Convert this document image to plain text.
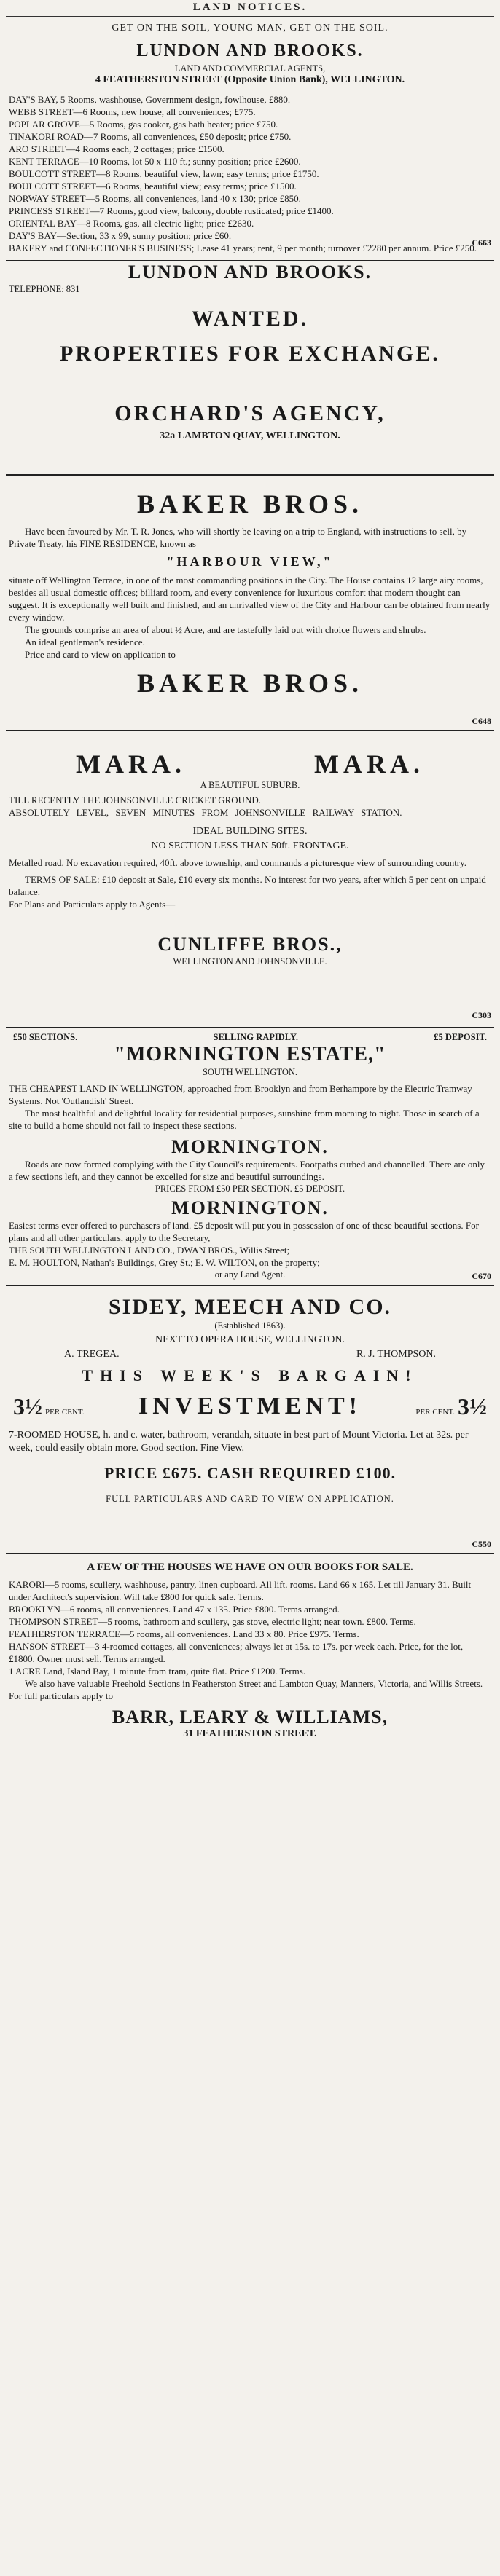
LAND NOTICES.
GET ON THE SOIL, YOUNG MAN, GET ON THE SOIL.
LUNDON AND BROOKS.
LAND AND COMMERCIAL AGENTS,
4 FEATHERSTON STREET (Opposite Union Bank), WELLINGTON.
DAY'S BAY, 5 Rooms, washhouse, Government design, fowlhouse, £880.
WEBB STREET—6 Rooms, new house, all conveniences; £775.
POPLAR GROVE—5 Rooms, gas cooker, gas bath heater; price £750.
TINAKORI ROAD—7 Rooms, all conveniences, £50 deposit; price £750.
ARO STREET—4 Rooms each, 2 cottages; price £1500.
KENT TERRACE—10 Rooms, lot 50 x 110 ft.; sunny position; price £2600.
BOULCOTT STREET—8 Rooms, beautiful view, lawn; easy terms; price £1750.
BOULCOTT STREET—6 Rooms, beautiful view; easy terms; price £1500.
NORWAY STREET—5 Rooms, all conveniences, land 40 x 130; price £850.
PRINCESS STREET—7 Rooms, good view, balcony, double rusticated; price £1400.
ORIENTAL BAY—8 Rooms, gas, all electric light; price £2630.
DAY'S BAY—Section, 33 x 99, sunny position; price £60.
BAKERY and CONFECTIONER'S BUSINESS; Lease 41 years; rent, 9 per month; turnover £2280 per annum. Price £250.
LUNDON AND BROOKS.
TELEPHONE: 831
C663
WANTED.
PROPERTIES FOR EXCHANGE.
ORCHARD'S AGENCY,
32a LAMBTON QUAY, WELLINGTON.
BAKER BROS.
Have been favoured by Mr. T. R. Jones, who will shortly be leaving on a trip to England, with instructions to sell, by Private Treaty, his FINE RESIDENCE, known as
"HARBOUR VIEW,"
situate off Wellington Terrace, in one of the most commanding positions in the City. The House contains 12 large airy rooms, besides all usual domestic offices; billiard room, and every convenience for luxurious comfort that modern thought can suggest. It is exceptionally well built and finished, and an unrivalled view of the City and Harbour can be obtained from nearly every window.
The grounds comprise an area of about ½ Acre, and are tastefully laid out with choice flowers and shrubs.
An ideal gentleman's residence.
Price and card to view on application to
BAKER BROS.
C648
MARA.	MARA.
A BEAUTIFUL SUBURB.
TILL RECENTLY THE JOHNSONVILLE CRICKET GROUND.
ABSOLUTELY LEVEL, SEVEN MINUTES FROM JOHNSONVILLE RAILWAY STATION.
IDEAL BUILDING SITES.
NO SECTION LESS THAN 50ft. FRONTAGE.
Metalled road. No excavation required, 40ft. above township, and commands a picturesque view of surrounding country.
TERMS OF SALE: £10 deposit at Sale, £10 every six months. No interest for two years, after which 5 per cent on unpaid balance.
For Plans and Particulars apply to Agents—
CUNLIFFE BROS.,
WELLINGTON AND JOHNSONVILLE.
C303
£50 SECTIONS.	SELLING RAPIDLY.	£5 DEPOSIT.
"MORNINGTON ESTATE,"
SOUTH WELLINGTON.
THE CHEAPEST LAND IN WELLINGTON, approached from Brooklyn and from Berhampore by the Electric Tramway Systems. Not 'Outlandish' Street.
The most healthful and delightful locality for residential purposes, sunshine from morning to night. Those in search of a site to build a home should not fail to inspect these sections.
MORNINGTON.
Roads are now formed complying with the City Council's requirements. Footpaths curbed and channelled. There are only a few sections left, and they cannot be excelled for size and beautiful surroundings.
PRICES FROM £50 PER SECTION. £5 DEPOSIT.
MORNINGTON.
Easiest terms ever offered to purchasers of land. £5 deposit will put you in possession of one of these beautiful sections. For plans and all other particulars, apply to the Secretary,
THE SOUTH WELLINGTON LAND CO., DWAN BROS., Willis Street;
E. M. HOULTON, Nathan's Buildings, Grey St.; E. W. WILTON, on the property;
or any Land Agent.	C670
SIDEY, MEECH AND CO.
(Established 1863).
NEXT TO OPERA HOUSE, WELLINGTON.
A. TREGEA.	R. J. THOMPSON.
THIS WEEK'S BARGAIN!
3½ PER CENT. INVESTMENT!	PER CENT. 3½
7-ROOMED HOUSE, h. and c. water, bathroom, verandah, situate in best part of Mount Victoria. Let at 32s. per week, could easily obtain more. Good section. Fine View.
PRICE £675. CASH REQUIRED £100.
FULL PARTICULARS AND CARD TO VIEW ON APPLICATION.
C550
A FEW OF THE HOUSES WE HAVE ON OUR BOOKS FOR SALE.
KARORI—5 rooms, scullery, washhouse, pantry, linen cupboard. All lift. rooms. Land 66 x 165. Let till January 31. Built under Architect's supervision. Will take £800 for quick sale. Terms.
BROOKLYN—6 rooms, all conveniences. Land 47 x 135. Price £800. Terms arranged.
THOMPSON STREET—5 rooms, bathroom and scullery, gas stove, electric light; near town. £800. Terms.
FEATHERSTON TERRACE—5 rooms, all conveniences. Land 33 x 80. Price £975. Terms.
HANSON STREET—3 4-roomed cottages, all conveniences; always let at 15s. to 17s. per week each. Price, for the lot, £1800. Owner must sell. Terms arranged.
1 ACRE Land, Island Bay, 1 minute from tram, quite flat. Price £1200. Terms.
We also have valuable Freehold Sections in Featherston Street and Lambton Quay, Manners, Victoria, and Willis Streets.
For full particulars apply to
BARR, LEARY & WILLIAMS,
31 FEATHERSTON STREET.
